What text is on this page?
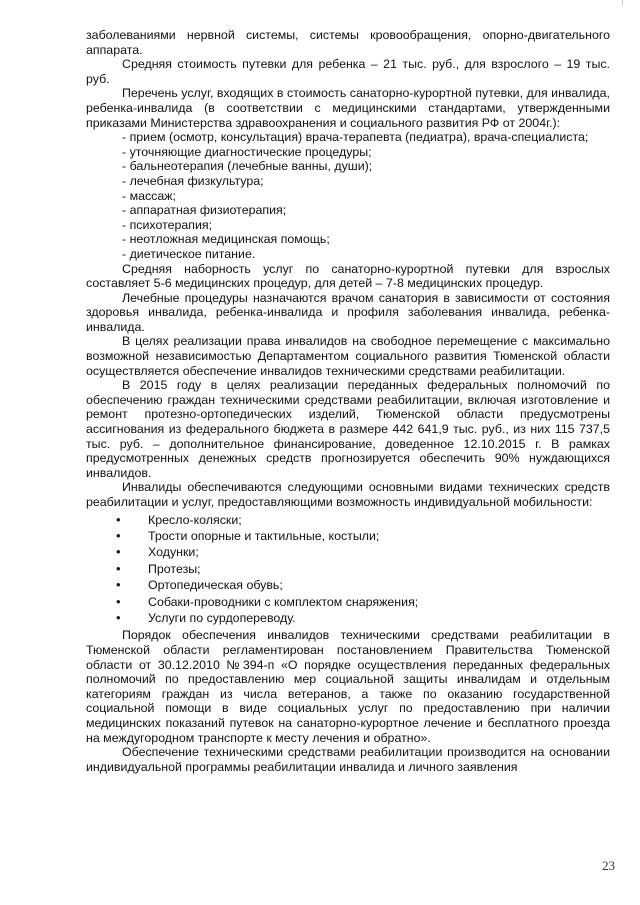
заболеваниями нервной системы, системы кровообращения, опорно-двигательного аппарата.

Средняя стоимость путевки для ребенка – 21 тыс. руб., для взрослого – 19 тыс. руб.

Перечень услуг, входящих в стоимость санаторно-курортной путевки, для инвалида, ребенка-инвалида (в соответствии с медицинскими стандартами, утвержденными приказами Министерства здравоохранения и социального развития РФ от 2004г.):

- прием (осмотр, консультация) врача-терапевта (педиатра), врача-специалиста;

- уточняющие диагностические процедуры;

- бальнеотерапия (лечебные ванны, души);

- лечебная физкультура;

- массаж;

- аппаратная физиотерапия;

- психотерапия;

- неотложная медицинская помощь;

- диетическое питание.

Средняя наборность услуг по санаторно-курортной путевки для взрослых составляет 5-6 медицинских процедур, для детей – 7-8 медицинских процедур.

Лечебные процедуры назначаются врачом санатория в зависимости от состояния здоровья инвалида, ребенка-инвалида и профиля заболевания инвалида, ребенка-инвалида.

В целях реализации права инвалидов на свободное перемещение с максимально возможной независимостью Департаментом социального развития Тюменской области осуществляется обеспечение инвалидов техническими средствами реабилитации.

В 2015 году в целях реализации переданных федеральных полномочий по обеспечению граждан техническими средствами реабилитации, включая изготовление и ремонт протезно-ортопедических изделий, Тюменской области предусмотрены ассигнования из федерального бюджета в размере 442 641,9 тыс. руб., из них 115 737,5 тыс. руб. – дополнительное финансирование, доведенное 12.10.2015 г. В рамках предусмотренных денежных средств прогнозируется обеспечить 90% нуждающихся инвалидов.

Инвалиды обеспечиваются следующими основными видами технических средств реабилитации и услуг, предоставляющими возможность индивидуальной мобильности:

• Кресло-коляски;
• Трости опорные и тактильные, костыли;
• Ходунки;
• Протезы;
• Ортопедическая обувь;
• Собаки-проводники с комплектом снаряжения;
• Услуги по сурдопереводу.

Порядок обеспечения инвалидов техническими средствами реабилитации в Тюменской области регламентирован постановлением Правительства Тюменской области от 30.12.2010 №394-п «О порядке осуществления переданных федеральных полномочий по предоставлению мер социальной защиты инвалидам и отдельным категориям граждан из числа ветеранов, а также по оказанию государственной социальной помощи в виде социальных услуг по предоставлению при наличии медицинских показаний путевок на санаторно-курортное лечение и бесплатного проезда на междугородном транспорте к месту лечения и обратно».

Обеспечение техническими средствами реабилитации производится на основании индивидуальной программы реабилитации инвалида и личного заявления

23
